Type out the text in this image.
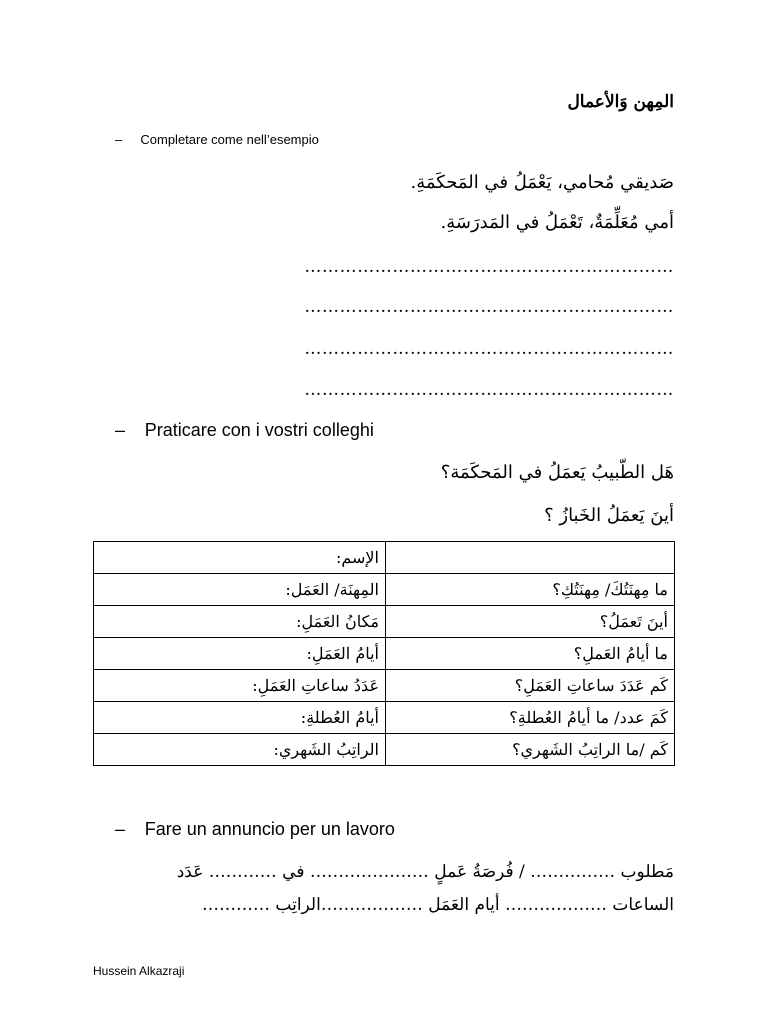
المِهن وَالأعمال
– Completare come nell’esempio
صَديقي مُحامي، يَعْمَلُ في المَحكَمَةِ.
أمي مُعَلِّمَةٌ، تَعْمَلُ في المَدرَسَةِ.
………………………………………………………
………………………………………………………
………………………………………………………
………………………………………………………
– Praticare con i vostri colleghi
هَل الطّبيبُ يَعمَلُ في المَحكَمَة؟
أينَ يَعمَلُ الخَبازُ ؟
الإسم:	
المِهنَة/ العَمَل:	ما مِهنَتُكَ/ مِهنَتُكِ؟
مَكانُ العَمَلِ:	أينَ تَعمَلُ؟
أيامُ العَمَلِ:	ما أيامُ العَملِ؟
عَدَدُ ساعاتِ العَمَلِ:	كَم عَدَدَ ساعاتِ العَمَلِ؟
أيامُ العُطلةِ:	كَمَ عدد/ ما أيامُ العُطلةِ؟
الراتِبُ الشَهري:	كَم /ما الراتِبُ الشَهري؟
– Fare un annuncio per un lavoro
مَطلوب …………… / فُرصَةُ عَملٍ ………………… في ………… عَدَد
الساعات ……………… أيام العَمَل ………………الراتِب …………
Hussein Alkazraji
